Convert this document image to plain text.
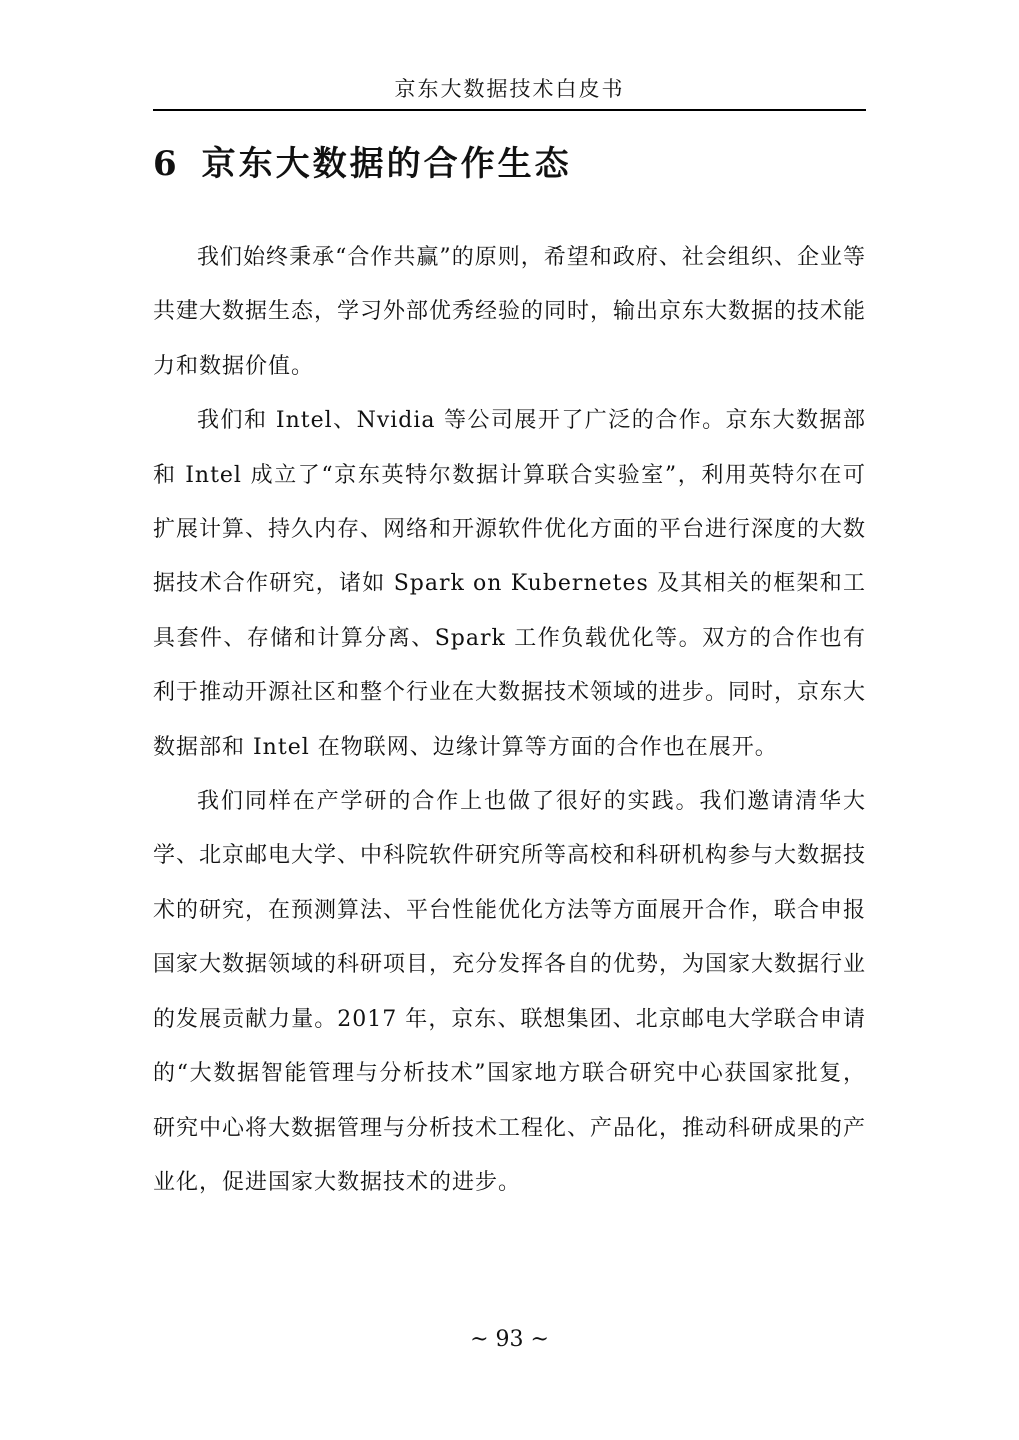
京东大数据技术白皮书
6 京东大数据的合作生态

我们始终秉承“合作共赢”的原则，希望和政府、社会组织、企业等共建大数据生态，学习外部优秀经验的同时，输出京东大数据的技术能力和数据价值。

我们和 Intel、Nvidia 等公司展开了广泛的合作。京东大数据部和 Intel 成立了“京东英特尔数据计算联合实验室”，利用英特尔在可扩展计算、持久内存、网络和开源软件优化方面的平台进行深度的大数据技术合作研究，诸如 Spark on Kubernetes 及其相关的框架和工具套件、存储和计算分离、Spark 工作负载优化等。双方的合作也有利于推动开源社区和整个行业在大数据技术领域的进步。同时，京东大数据部和 Intel 在物联网、边缘计算等方面的合作也在展开。

我们同样在产学研的合作上也做了很好的实践。我们邀请清华大学、北京邮电大学、中科院软件研究所等高校和科研机构参与大数据技术的研究，在预测算法、平台性能优化方法等方面展开合作，联合申报国家大数据领域的科研项目，充分发挥各自的优势，为国家大数据行业的发展贡献力量。2017 年，京东、联想集团、北京邮电大学联合申请的“大数据智能管理与分析技术”国家地方联合研究中心获国家批复，研究中心将大数据管理与分析技术工程化、产品化，推动科研成果的产业化，促进国家大数据技术的进步。

~ 93 ~
